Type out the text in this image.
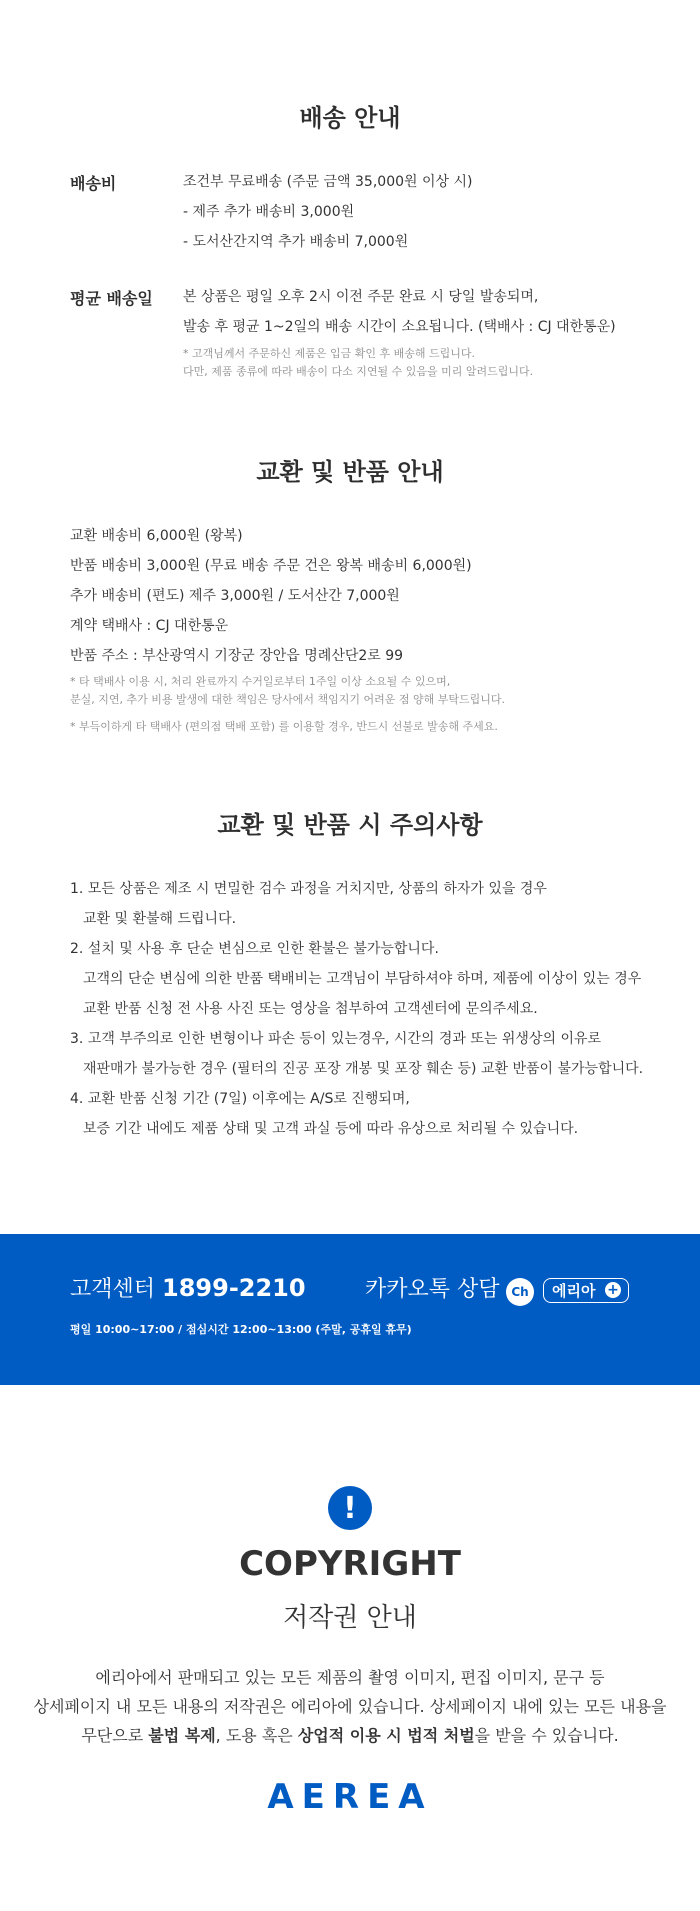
배송 안내
배송비	조건부 무료배송 (주문 금액 35,000원 이상 시)
- 제주 추가 배송비 3,000원
- 도서산간지역 추가 배송비 7,000원
평균 배송일 본 상품은 평일 오후 2시 이전 주문 완료 시 당일 발송되며,
발송 후 평균 1~2일의 배송 시간이 소요됩니다. (택배사 : CJ 대한통운)
* 고객님께서 주문하신 제품은 입금 확인 후 배송해 드립니다.
다만, 제품 종류에 따라 배송이 다소 지연될 수 있음을 미리 알려드립니다.
교환 및 반품 안내
교환 배송비 6,000원 (왕복)
반품 배송비 3,000원 (무료 배송 주문 건은 왕복 배송비 6,000원)
추가 배송비 (편도) 제주 3,000원 / 도서산간 7,000원
계약 택배사 : CJ 대한통운
반품 주소 : 부산광역시 기장군 장안읍 명례산단2로 99
* 타 택배사 이용 시, 처리 완료까지 수거일로부터 1주일 이상 소요될 수 있으며,
분실, 지연, 추가 비용 발생에 대한 책임은 당사에서 책임지기 어려운 점 양해 부탁드립니다.
* 부득이하게 타 택배사 (편의점 택배 포함) 를 이용할 경우, 반드시 선불로 발송해 주세요.
교환 및 반품 시 주의사항
1. 모든 상품은 제조 시 면밀한 검수 과정을 거치지만, 상품의 하자가 있을 경우
교환 및 환불해 드립니다.
2. 설치 및 사용 후 단순 변심으로 인한 환불은 불가능합니다.
고객의 단순 변심에 의한 반품 택배비는 고객님이 부담하셔야 하며, 제품에 이상이 있는 경우
교환 반품 신청 전 사용 사진 또는 영상을 첨부하여 고객센터에 문의주세요.
3. 고객 부주의로 인한 변형이나 파손 등이 있는경우, 시간의 경과 또는 위생상의 이유로
재판매가 불가능한 경우 (필터의 진공 포장 개봉 및 포장 훼손 등) 교환 반품이 불가능합니다.
4. 교환 반품 신청 기간 (7일) 이후에는 A/S로 진행되며,
보증 기간 내에도 제품 상태 및 고객 과실 등에 따라 유상으로 처리될 수 있습니다.
고객센터 1899-2210
평일 10:00~17:00 / 점심시간 12:00~13:00 (주말, 공휴일 휴무)
카카오톡 상담 Ch	에리아 +
!
COPYRIGHT
저작권 안내
에리아에서 판매되고 있는 모든 제품의 촬영 이미지, 편집 이미지, 문구 등
상세페이지 내 모든 내용의 저작권은 에리아에 있습니다. 상세페이지 내에 있는 모든 내용을
무단으로 불법 복제, 도용 혹은 상업적 이용 시 법적 처벌을 받을 수 있습니다.
AEREA
